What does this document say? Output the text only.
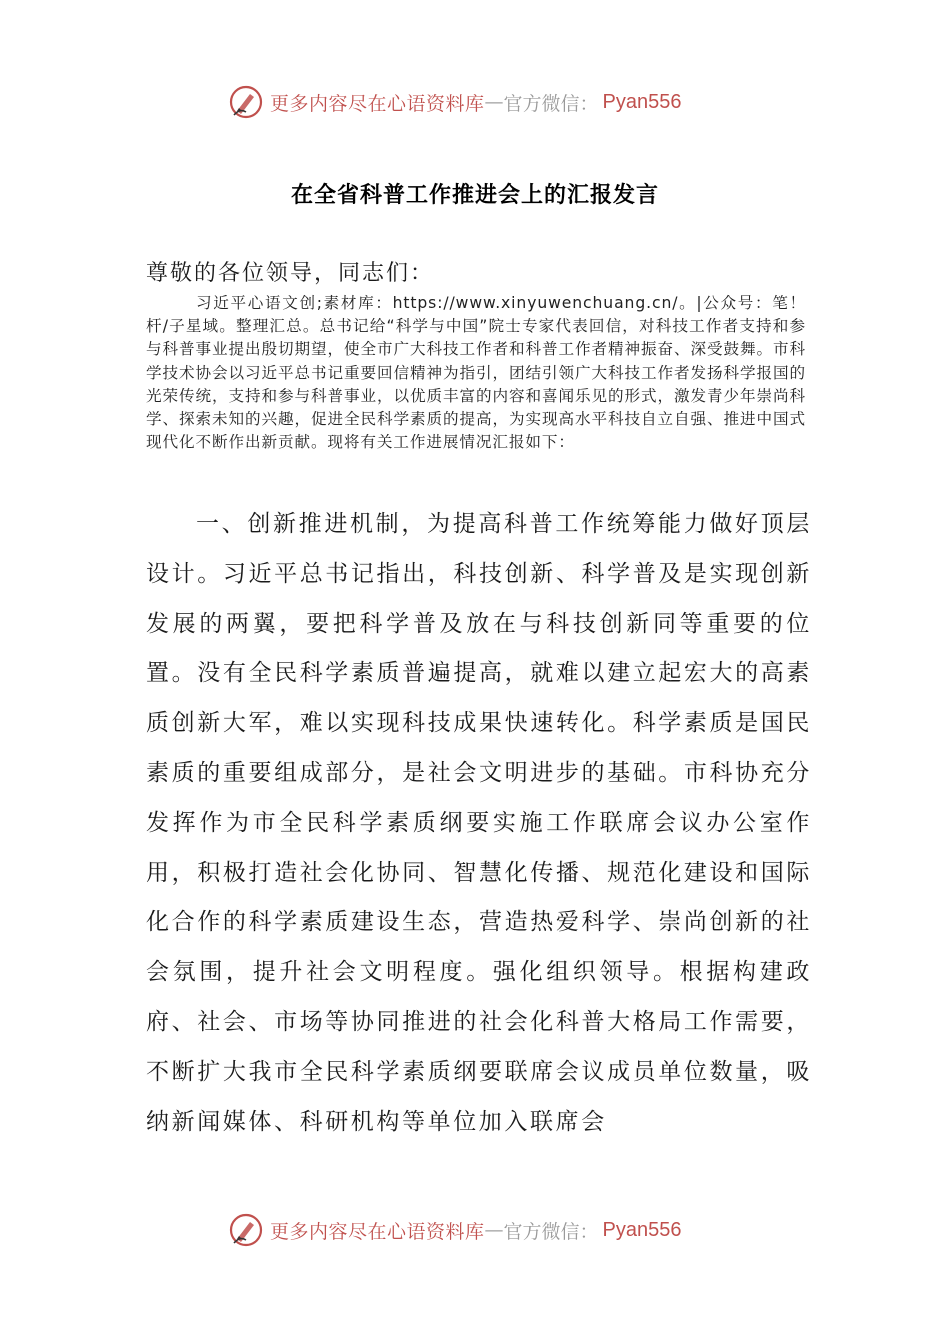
更多内容尽在心语资料库 — 官方微信： Pyan556
在全省科普工作推进会上的汇报发言
尊敬的各位领导，同志们：
习近平心语文创;素材库：https://www.xinyuwenchuang.cn/。|公众号：笔！杆/子星域。整理汇总。总书记给“科学与中国”院士专家代表回信，对科技工作者支持和参与科普事业提出殷切期望，使全市广大科技工作者和科普工作者精神振奋、深受鼓舞。市科学技术协会以习近平总书记重要回信精神为指引，团结引领广大科技工作者发扬科学报国的光荣传统，支持和参与科普事业，以优质丰富的内容和喜闻乐见的形式，激发青少年崇尚科学、探索未知的兴趣，促进全民科学素质的提高，为实现高水平科技自立自强、推进中国式现代化不断作出新贡献。现将有关工作进展情况汇报如下：
一、创新推进机制，为提高科普工作统筹能力做好顶层设计。习近平总书记指出，科技创新、科学普及是实现创新发展的两翼，要把科学普及放在与科技创新同等重要的位置。没有全民科学素质普遍提高，就难以建立起宏大的高素质创新大军，难以实现科技成果快速转化。科学素质是国民素质的重要组成部分，是社会文明进步的基础。市科协充分发挥作为市全民科学素质纲要实施工作联席会议办公室作用，积极打造社会化协同、智慧化传播、规范化建设和国际化合作的科学素质建设生态，营造热爱科学、崇尚创新的社会氛围，提升社会文明程度。强化组织领导。根据构建政府、社会、市场等协同推进的社会化科普大格局工作需要，不断扩大我市全民科学素质纲要联席会议成员单位数量，吸纳新闻媒体、科研机构等单位加入联席会
更多内容尽在心语资料库 — 官方微信： Pyan556
